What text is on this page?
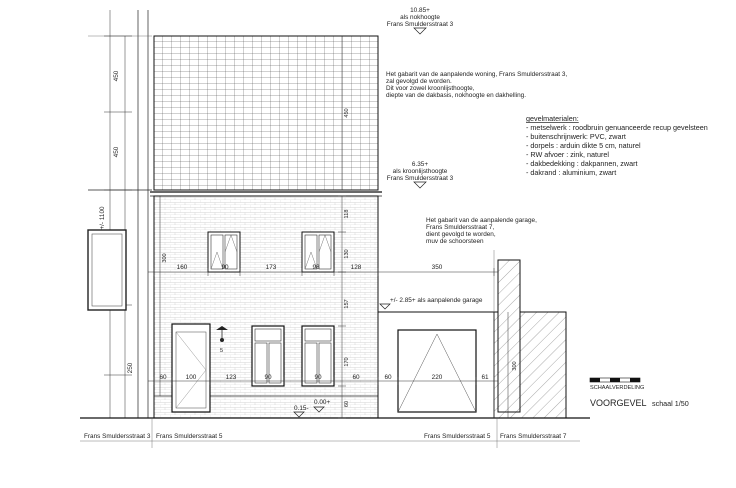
450
450
+/- 1100
250
5
160	90	173	98	128	350
60	100	123	90	90	60	60	220	61
118
130
157
170
60
450
300
300
10.85+
als nokhoogte
Frans Smuldersstraat 3
6.35+
als kroonlijsthoogte
Frans Smuldersstraat 3
+/- 2.85+ als aanpalende garage
0.00+
0.15-
Het gabarit van de aanpalende woning, Frans Smuldersstraat 3,
zal gevolgd de worden.
Dit voor zowel kroonlijsthoogte,
diepte van de dakbasis, nokhoogte en dakhelling.
Het gabarit van de aanpalende garage,
Frans Smuldersstraat 7,
dient gevolgd te worden,
muv de schoorsteen
gevelmaterialen:
- metselwerk : roodbruin genuanceerde recup gevelsteen
- buitenschrijnwerk: PVC, zwart
- dorpels : arduin dikte 5 cm, naturel
- RW afvoer : zink, naturel
- dakbedekking : dakpannen, zwart
- dakrand : aluminium, zwart
SCHAALVERDELING
VOORGEVEL schaal 1/50
Frans Smuldersstraat 3 Frans Smuldersstraat 5	Frans Smuldersstraat 5 Frans Smuldersstraat 7
